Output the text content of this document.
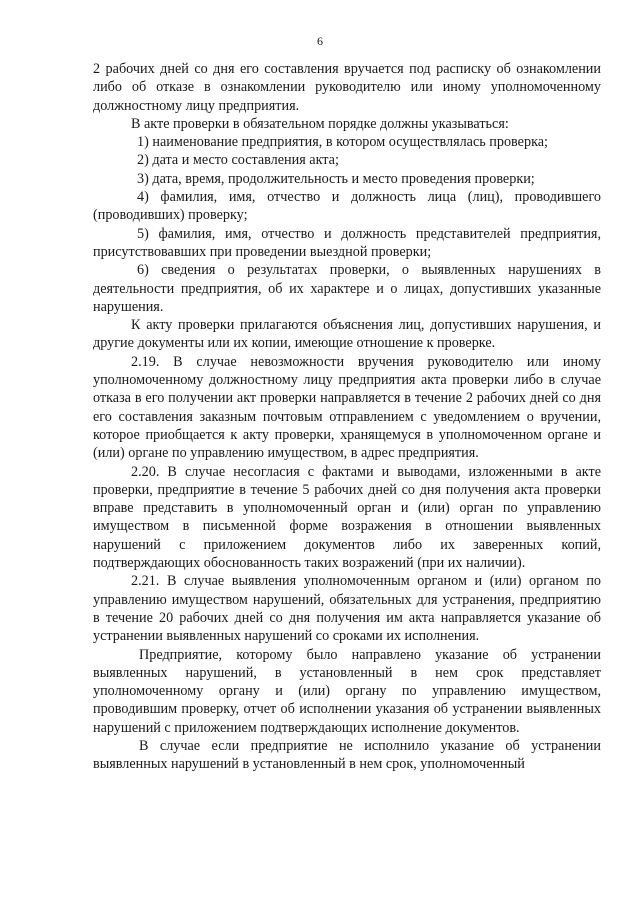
6

2 рабочих дней со дня его составления вручается под расписку об ознакомлении либо об отказе в ознакомлении руководителю или иному уполномоченному должностному лицу предприятия.

В акте проверки в обязательном порядке должны указываться:

1) наименование предприятия, в котором осуществлялась проверка;

2) дата и место составления акта;

3) дата, время, продолжительность и место проведения проверки;

4) фамилия, имя, отчество и должность лица (лиц), проводившего (проводивших) проверку;

5) фамилия, имя, отчество и должность представителей предприятия, присутствовавших при проведении выездной проверки;

6) сведения о результатах проверки, о выявленных нарушениях в деятельности предприятия, об их характере и о лицах, допустивших указанные нарушения.

К акту проверки прилагаются объяснения лиц, допустивших нарушения, и другие документы или их копии, имеющие отношение к проверке.

2.19. В случае невозможности вручения руководителю или иному уполномоченному должностному лицу предприятия акта проверки либо в случае отказа в его получении акт проверки направляется в течение 2 рабочих дней со дня его составления заказным почтовым отправлением с уведомлением о вручении, которое приобщается к акту проверки, хранящемуся в уполномоченном органе и (или) органе по управлению имуществом, в адрес предприятия.

2.20. В случае несогласия с фактами и выводами, изложенными в акте проверки, предприятие в течение 5 рабочих дней со дня получения акта проверки вправе представить в уполномоченный орган и (или) орган по управлению имуществом в письменной форме возражения в отношении выявленных нарушений с приложением документов либо их заверенных копий, подтверждающих обоснованность таких возражений (при их наличии).

2.21. В случае выявления уполномоченным органом и (или) органом по управлению имуществом нарушений, обязательных для устранения, предприятию в течение 20 рабочих дней со дня получения им акта направляется указание об устранении выявленных нарушений со сроками их исполнения.

Предприятие, которому было направлено указание об устранении выявленных нарушений, в установленный в нем срок представляет уполномоченному органу и (или) органу по управлению имуществом, проводившим проверку, отчет об исполнении указания об устранении выявленных нарушений с приложением подтверждающих исполнение документов.

В случае если предприятие не исполнило указание об устранении выявленных нарушений в установленный в нем срок, уполномоченный
